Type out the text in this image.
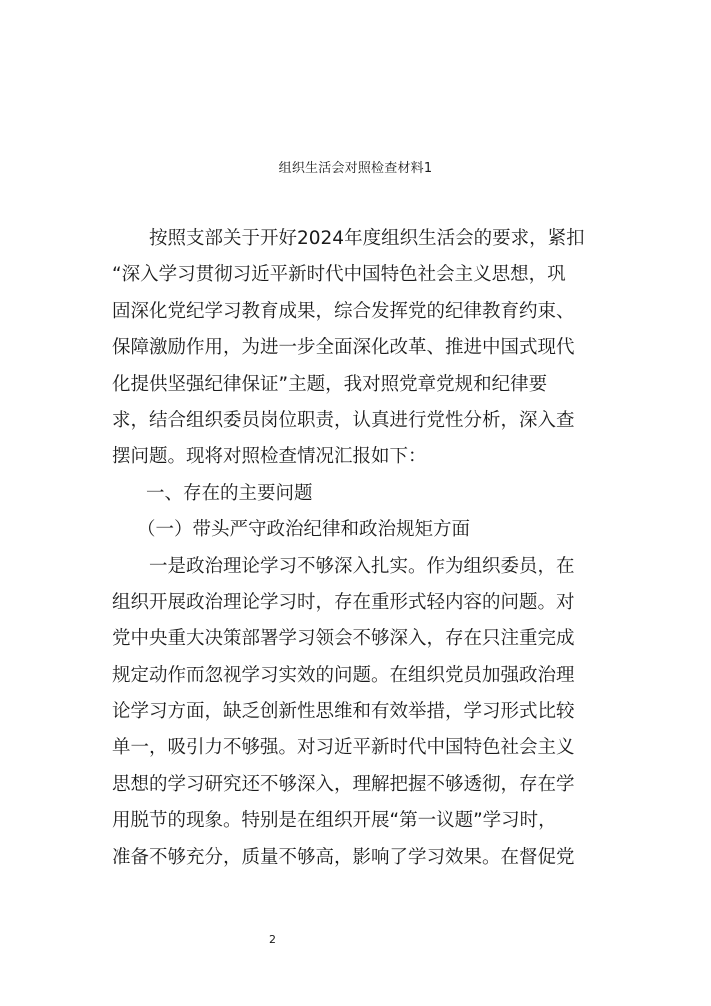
组织生活会对照检查材料1
按照支部关于开好2024年度组织生活会的要求，紧扣
“深入学习贯彻习近平新时代中国特色社会主义思想，巩
固深化党纪学习教育成果，综合发挥党的纪律教育约束、
保障激励作用，为进一步全面深化改革、推进中国式现代
化提供坚强纪律保证”主题，我对照党章党规和纪律要
求，结合组织委员岗位职责，认真进行党性分析，深入查
摆问题。现将对照检查情况汇报如下：
一、存在的主要问题
（一）带头严守政治纪律和政治规矩方面
一是政治理论学习不够深入扎实。作为组织委员，在
组织开展政治理论学习时，存在重形式轻内容的问题。对
党中央重大决策部署学习领会不够深入，存在只注重完成
规定动作而忽视学习实效的问题。在组织党员加强政治理
论学习方面，缺乏创新性思维和有效举措，学习形式比较
单一，吸引力不够强。对习近平新时代中国特色社会主义
思想的学习研究还不够深入，理解把握不够透彻，存在学
用脱节的现象。特别是在组织开展“第一议题”学习时，
准备不够充分，质量不够高，影响了学习效果。在督促党
2
